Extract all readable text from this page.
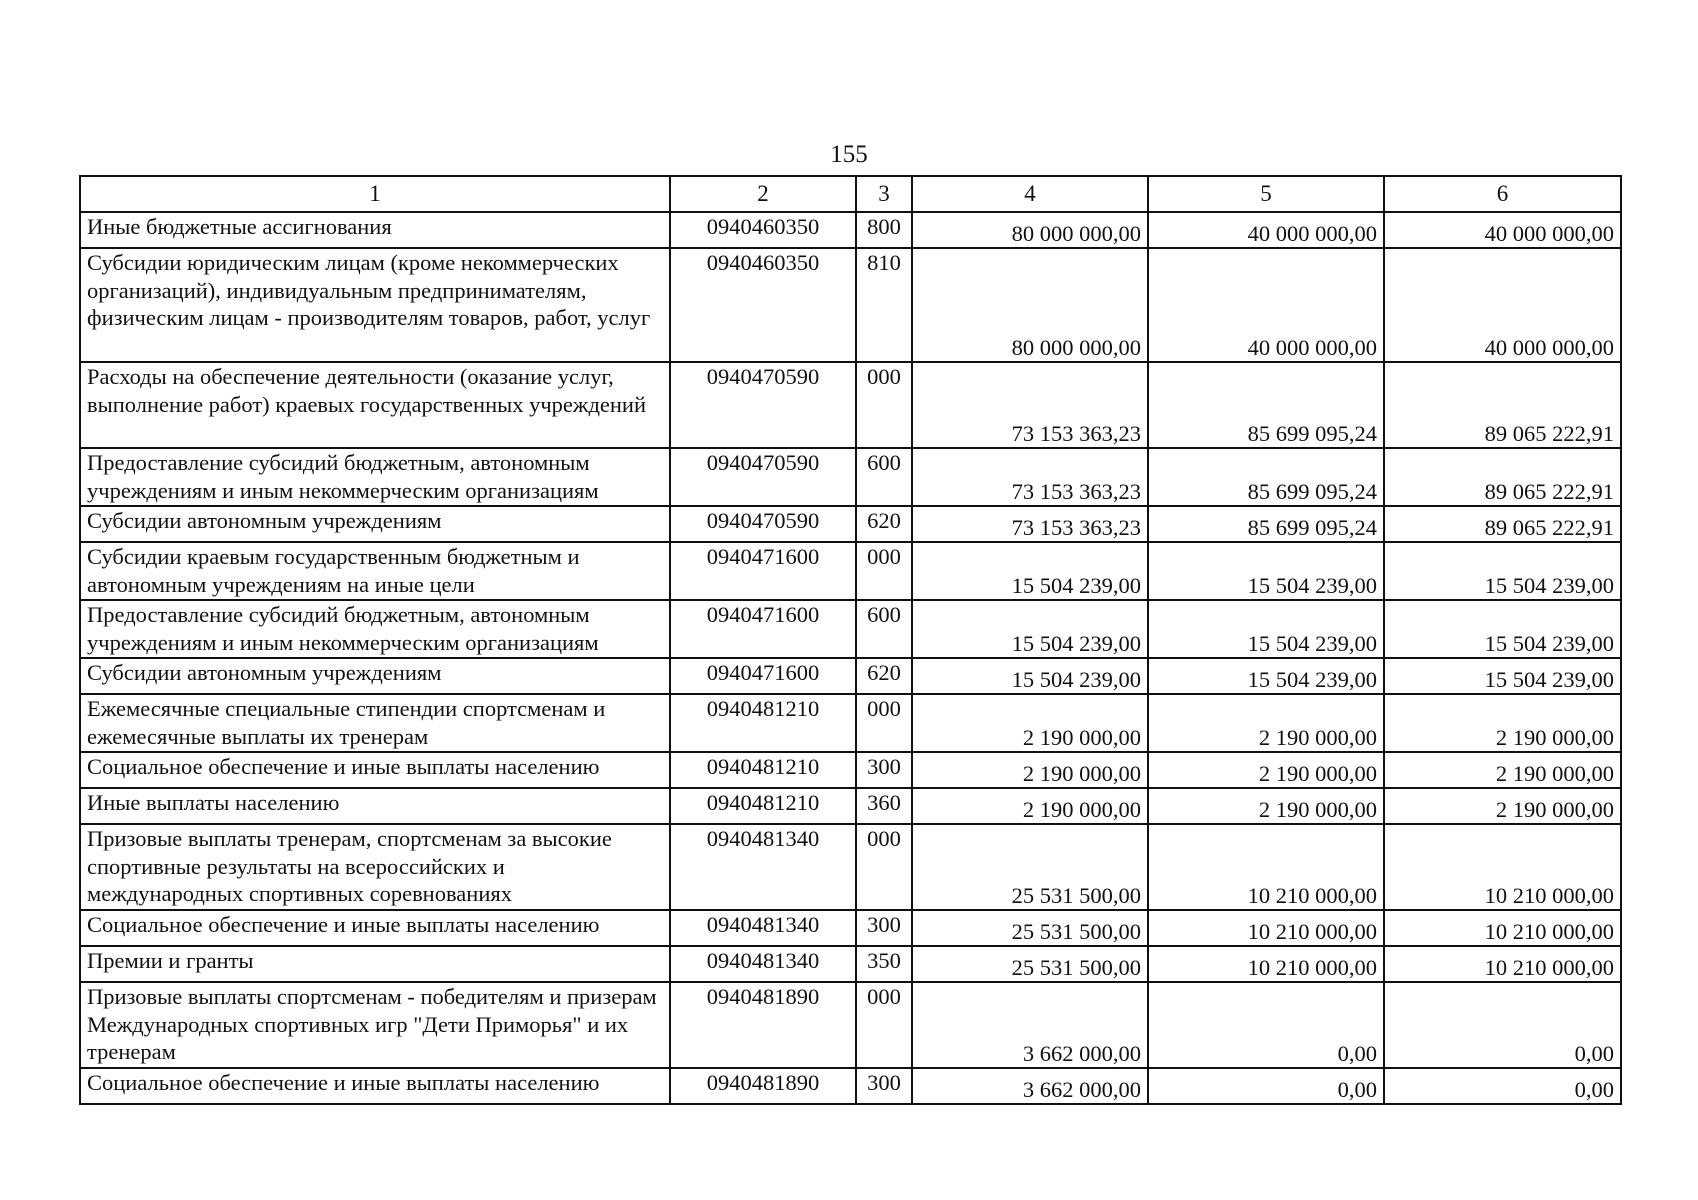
155
1	2	3	4	5	6
Иные бюджетные ассигнования	0940460350	800	80 000 000,00	40 000 000,00	40 000 000,00
Субсидии юридическим лицам (кроме некоммерческих организаций), индивидуальным предпринимателям, физическим лицам - производителям товаров, работ, услуг	0940460350	810	80 000 000,00	40 000 000,00	40 000 000,00
Расходы на обеспечение деятельности (оказание услуг, выполнение работ) краевых государственных учреждений	0940470590	000	73 153 363,23	85 699 095,24	89 065 222,91
Предоставление субсидий бюджетным, автономным учреждениям и иным некоммерческим организациям	0940470590	600	73 153 363,23	85 699 095,24	89 065 222,91
Субсидии автономным учреждениям	0940470590	620	73 153 363,23	85 699 095,24	89 065 222,91
Субсидии краевым государственным бюджетным и автономным учреждениям на иные цели	0940471600	000	15 504 239,00	15 504 239,00	15 504 239,00
Предоставление субсидий бюджетным, автономным учреждениям и иным некоммерческим организациям	0940471600	600	15 504 239,00	15 504 239,00	15 504 239,00
Субсидии автономным учреждениям	0940471600	620	15 504 239,00	15 504 239,00	15 504 239,00
Ежемесячные специальные стипендии спортсменам и ежемесячные выплаты их тренерам	0940481210	000	2 190 000,00	2 190 000,00	2 190 000,00
Социальное обеспечение и иные выплаты населению	0940481210	300	2 190 000,00	2 190 000,00	2 190 000,00
Иные выплаты населению	0940481210	360	2 190 000,00	2 190 000,00	2 190 000,00
Призовые выплаты тренерам, спортсменам за высокие спортивные результаты на всероссийских и международных спортивных соревнованиях	0940481340	000	25 531 500,00	10 210 000,00	10 210 000,00
Социальное обеспечение и иные выплаты населению	0940481340	300	25 531 500,00	10 210 000,00	10 210 000,00
Премии и гранты	0940481340	350	25 531 500,00	10 210 000,00	10 210 000,00
Призовые выплаты спортсменам - победителям и призерам Международных спортивных игр "Дети Приморья" и их тренерам	0940481890	000	3 662 000,00	0,00	0,00
Социальное обеспечение и иные выплаты населению	0940481890	300	3 662 000,00	0,00	0,00
